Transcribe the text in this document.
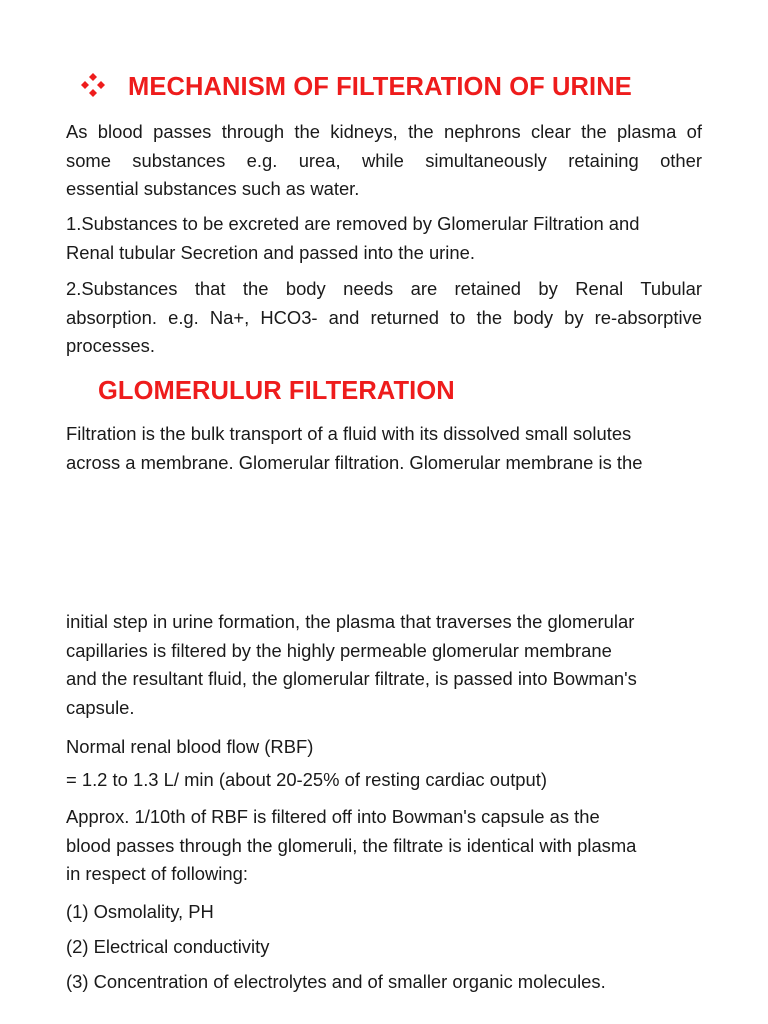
MECHANISM OF FILTERATION OF URINE

As blood passes through the kidneys, the nephrons clear the plasma of
some substances e.g. urea, while simultaneously retaining other
essential substances such as water.

1.Substances to be excreted are removed by Glomerular Filtration and
Renal tubular Secretion and passed into the urine.

2.Substances that the body needs are retained by Renal Tubular
absorption. e.g. Na+, HCO3- and returned to the body by re-absorptive
processes.

GLOMERULUR FILTERATION

Filtration is the bulk transport of a fluid with its dissolved small solutes
across a membrane. Glomerular filtration. Glomerular membrane is the

initial step in urine formation, the plasma that traverses the glomerular
capillaries is filtered by the highly permeable glomerular membrane
and the resultant fluid, the glomerular filtrate, is passed into Bowman's
capsule.

Normal renal blood flow (RBF)

= 1.2 to 1.3 L/ min (about 20-25% of resting cardiac output)

Approx. 1/10th of RBF is filtered off into Bowman's capsule as the
blood passes through the glomeruli, the filtrate is identical with plasma
in respect of following:

(1) Osmolality, PH

(2) Electrical conductivity

(3) Concentration of electrolytes and of smaller organic molecules.
